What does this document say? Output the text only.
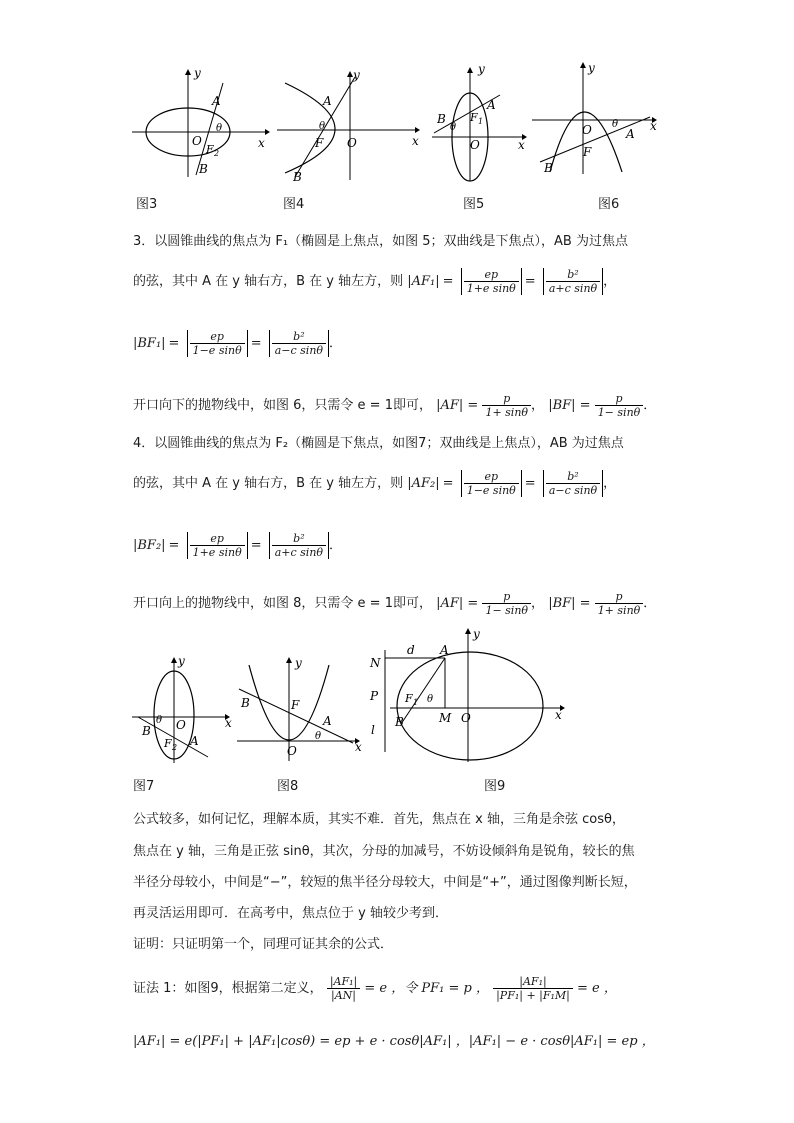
y
x
A
θ
O
F 2
B
图3
y
x
A
θ
F O
B
图4
y
x
A
B
θ
F 1
O
图5
y
x
O θ
A
F
B
图6
3．以圆锥曲线的焦点为 F₁（椭圆是上焦点，如图 5；双曲线是下焦点），AB 为过焦点
的弦，其中 A 在 y 轴右方，B 在 y 轴左方，则 $|AF_1| = \frac{ep}{\text{1+e sinθ}} = \frac{\text{b²}}{\text{a+c sinθ}}$ ，
$|BF_1| = \frac{ep}{\text{1−e sinθ}} = \frac{\text{b²}}{\text{a−c sinθ}}$ ．
开口向下的抛物线中，如图 6，只需令 e = 1即可， $|AF| = \frac{p}{1+ \sin\theta}$ ， $|BF| = \frac{p}{1- \sin\theta}$ ．
4．以圆锥曲线的焦点为 F₂（椭圆是下焦点，如图7；双曲线是上焦点），AB 为过焦点
的弦，其中 A 在 y 轴右方，B 在 y 轴左方，则 $|AF_2| = \frac{ep}{\text{1−e sinθ}} = \frac{\text{b²}}{\text{a−c sinθ}}$ ，
$|BF_2| = \frac{ep}{\text{1+e sinθ}} = \frac{\text{b²}}{\text{a+c sinθ}}$ ．
开口向上的抛物线中，如图 8，只需令 e = 1即可， $|AF| = \frac{p}{1- \sin\theta}$ ， $|BF| = \frac{p}{1+ \sin\theta}$ ．
y
x
θ O
B
F 2 A
图7
y
x
B	F
A
θ
O
图8
y
x
N
d A
P F 1 θ
l
B	M O
图9
公式较多，如何记忆，理解本质，其实不难．首先，焦点在 x 轴，三角是余弦 cosθ，
焦点在 y 轴，三角是正弦 sinθ，其次，分母的加减号，不妨设倾斜角是锐角，较长的焦
半径分母较小，中间是“−”，较短的焦半径分母较大，中间是“+”，通过图像判断长短，
再灵活运用即可．在高考中，焦点位于 y 轴较少考到．
证明：只证明第一个，同理可证其余的公式．
证法 1：如图9，根据第二定义， $\frac{\text{|AF₁|}}{|AN|} = e$ ，令 PF₁ = p ， $\frac{\text{|AF₁|}}{\text{|PF₁| + |F₁M|}} = e$ ，
|AF₁| = e(|PF₁| + |AF₁|cosθ) = ep + e · cosθ|AF₁| ，|AF₁| − e · cosθ|AF₁| = ep ，
